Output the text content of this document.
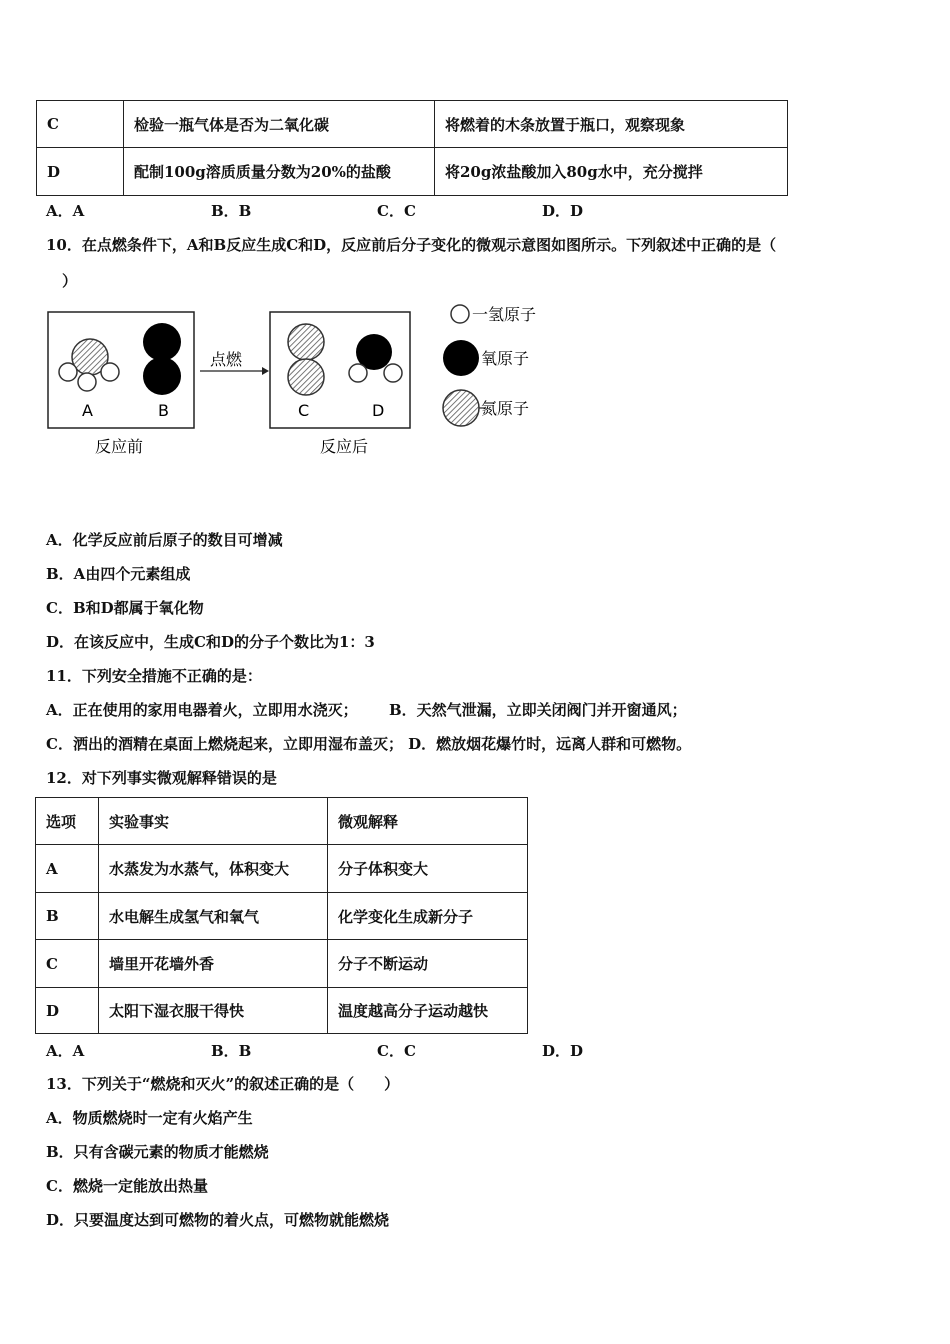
C	检验一瓶气体是否为二氧化碳	将燃着的木条放置于瓶口，观察现象
D	配制100g溶质质量分数为20%的盐酸	将20g浓盐酸加入80g水中，充分搅拌
A．A	B．B	C．C	D．D
10．在点燃条件下，A和B反应生成C和D，反应前后分子变化的微观示意图如图所示。下列叙述中正确的是（
）
A	B
反应前
点燃
C	D
反应后
一氢原子
氧原子
氮原子
A．化学反应前后原子的数目可增减
B．A由四个元素组成
C．B和D都属于氧化物
D．在该反应中，生成C和D的分子个数比为1：3
11．下列安全措施不正确的是：
A．正在使用的家用电器着火，立即用水浇灭；      B．天然气泄漏，立即关闭阀门并开窗通风；
C．洒出的酒精在桌面上燃烧起来，立即用湿布盖灭； D．燃放烟花爆竹时，远离人群和可燃物。
12．对下列事实微观解释错误的是
选项	实验事实	微观解释
A	水蒸发为水蒸气，体积变大	分子体积变大
B	水电解生成氢气和氧气	化学变化生成新分子
C	墙里开花墙外香	分子不断运动
D	太阳下湿衣服干得快	温度越高分子运动越快
A．A	B．B	C．C	D．D
13．下列关于“燃烧和灭火”的叙述正确的是（　　）
A．物质燃烧时一定有火焰产生
B．只有含碳元素的物质才能燃烧
C．燃烧一定能放出热量
D．只要温度达到可燃物的着火点，可燃物就能燃烧
